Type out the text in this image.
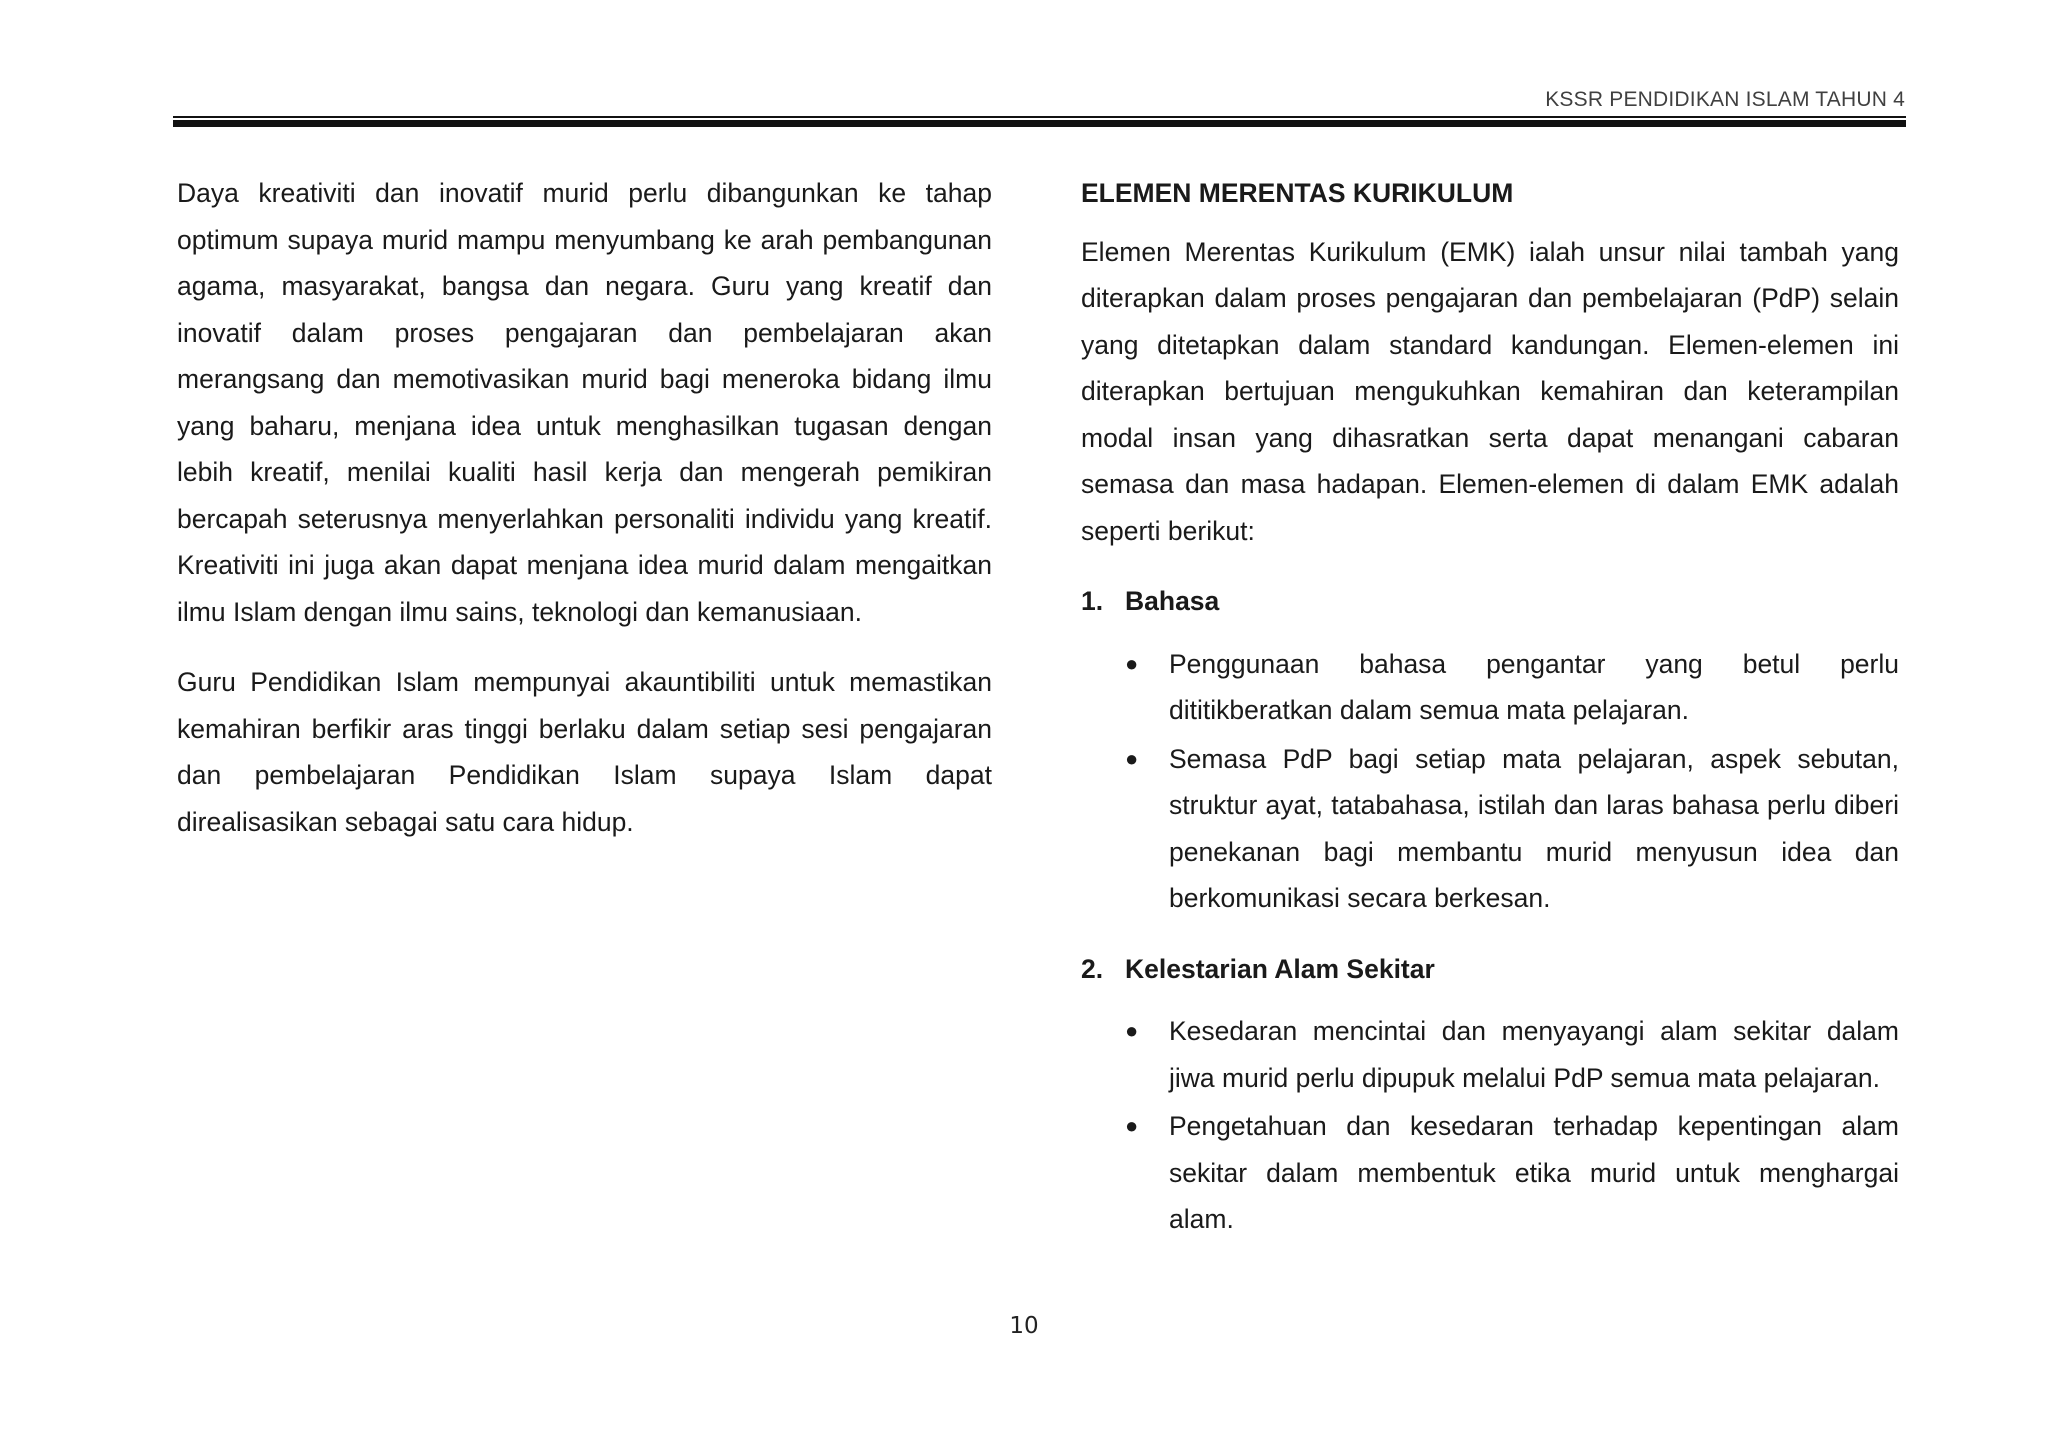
KSSR PENDIDIKAN ISLAM TAHUN 4

Daya kreativiti dan inovatif murid perlu dibangunkan ke tahap optimum supaya murid mampu menyumbang ke arah pembangunan agama, masyarakat, bangsa dan negara. Guru yang kreatif dan inovatif dalam proses pengajaran dan pembelajaran akan merangsang dan memotivasikan murid bagi meneroka bidang ilmu yang baharu, menjana idea untuk menghasilkan tugasan dengan lebih kreatif, menilai kualiti hasil kerja dan mengerah pemikiran bercapah seterusnya menyerlahkan personaliti individu yang kreatif. Kreativiti ini juga akan dapat menjana idea murid dalam mengaitkan ilmu Islam dengan ilmu sains, teknologi dan kemanusiaan.

Guru Pendidikan Islam mempunyai akauntibiliti untuk memastikan kemahiran berfikir aras tinggi berlaku dalam setiap sesi pengajaran dan pembelajaran Pendidikan Islam supaya Islam dapat direalisasikan sebagai satu cara hidup.

ELEMEN MERENTAS KURIKULUM

Elemen Merentas Kurikulum (EMK) ialah unsur nilai tambah yang diterapkan dalam proses pengajaran dan pembelajaran (PdP) selain yang ditetapkan dalam standard kandungan. Elemen-elemen ini diterapkan bertujuan mengukuhkan kemahiran dan keterampilan modal insan yang dihasratkan serta dapat menangani cabaran semasa dan masa hadapan. Elemen-elemen di dalam EMK adalah seperti berikut:

1. Bahasa
● Penggunaan bahasa pengantar yang betul perlu dititikberatkan dalam semua mata pelajaran.
● Semasa PdP bagi setiap mata pelajaran, aspek sebutan, struktur ayat, tatabahasa, istilah dan laras bahasa perlu diberi penekanan bagi membantu murid menyusun idea dan berkomunikasi secara berkesan.
2. Kelestarian Alam Sekitar
● Kesedaran mencintai dan menyayangi alam sekitar dalam jiwa murid perlu dipupuk melalui PdP semua mata pelajaran.
● Pengetahuan dan kesedaran terhadap kepentingan alam sekitar dalam membentuk etika murid untuk menghargai alam.
10
